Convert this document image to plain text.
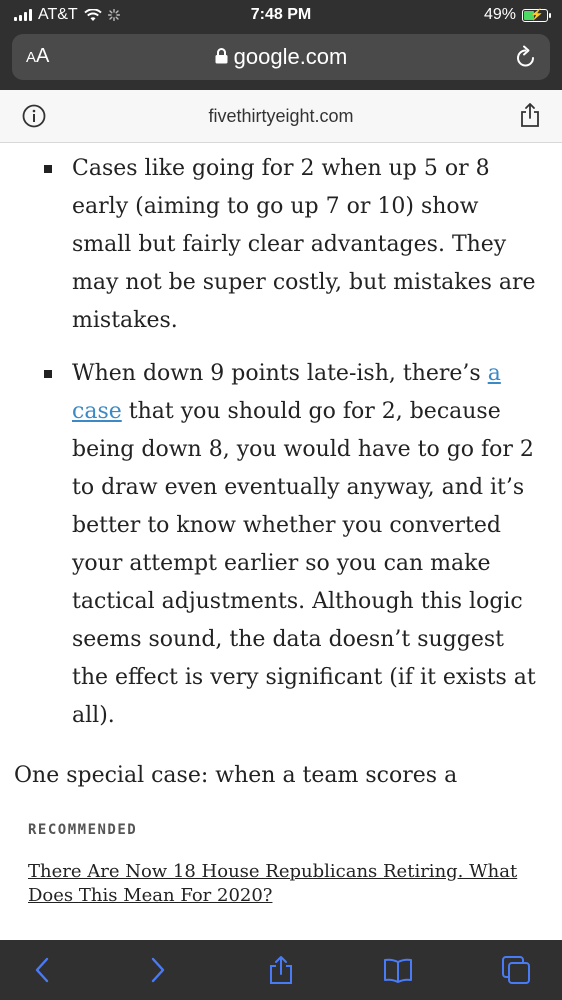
AT&T	7:48 PM	49% ⚡
AA	google.com
fivethirtyeight.com
Cases like going for 2 when up 5 or 8 early (aiming to go up 7 or 10) show small but fairly clear advantages. They may not be super costly, but mistakes are mistakes.
When down 9 points late-ish, there’s a case that you should go for 2, because being down 8, you would have to go for 2 to draw even eventually anyway, and it’s better to know whether you converted your attempt earlier so you can make tactical adjustments. Although this logic seems sound, the data doesn’t suggest the effect is very significant (if it exists at all).

One special case: when a team scores a

RECOMMENDED
There Are Now 18 House Republicans Retiring. What Does This Mean For 2020?
